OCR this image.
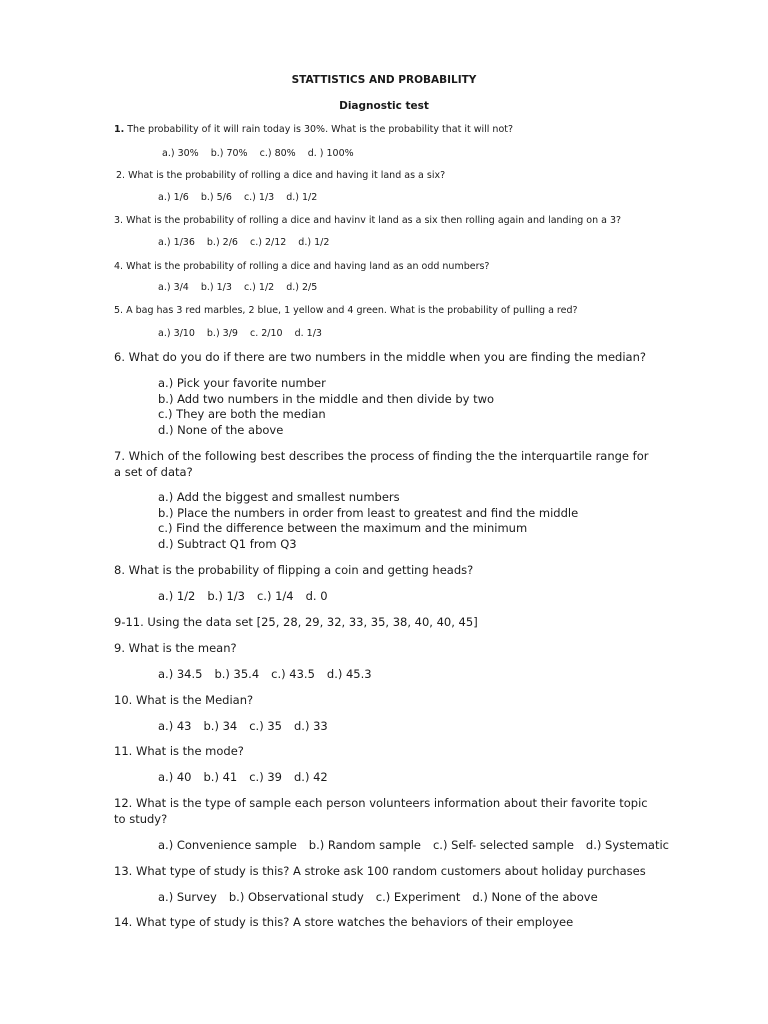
STATTISTICS AND PROBABILITY
Diagnostic test
1. The probability of it will rain today is 30%. What is the probability that it will not?
a.) 30% b.) 70% c.) 80% d. ) 100%
2. What is the probability of rolling a dice and having it land as a six?
a.) 1/6 b.) 5/6 c.) 1/3 d.) 1/2
3. What is the probability of rolling a dice and havinv it land as a six then rolling again and landing on a 3?
a.) 1/36 b.) 2/6 c.) 2/12 d.) 1/2
4. What is the probability of rolling a dice and having land as an odd numbers?
a.) 3/4 b.) 1/3 c.) 1/2 d.) 2/5
5. A bag has 3 red marbles, 2 blue, 1 yellow and 4 green. What is the probability of pulling a red?
a.) 3/10 b.) 3/9 c. 2/10 d. 1/3
6. What do you do if there are two numbers in the middle when you are finding the median?
a.) Pick your favorite number
b.) Add two numbers in the middle and then divide by two
c.) They are both the median
d.) None of the above
7. Which of the following best describes the process of finding the the interquartile range for a set of data?
a.) Add the biggest and smallest numbers
b.) Place the numbers in order from least to greatest and find the middle
c.) Find the difference between the maximum and the minimum
d.) Subtract Q1 from Q3
8. What is the probability of flipping a coin and getting heads?
a.) 1/2 b.) 1/3 c.) 1/4 d. 0
9-11. Using the data set [25, 28, 29, 32, 33, 35, 38, 40, 40, 45]
9. What is the mean?
a.) 34.5 b.) 35.4 c.) 43.5 d.) 45.3
10. What is the Median?
a.) 43 b.) 34 c.) 35 d.) 33
11. What is the mode?
a.) 40 b.) 41 c.) 39 d.) 42
12. What is the type of sample each person volunteers information about their favorite topic to study?
a.) Convenience sample b.) Random sample c.) Self- selected sample d.) Systematic
13. What type of study is this? A stroke ask 100 random customers about holiday purchases
a.) Survey b.) Observational study c.) Experiment d.) None of the above
14. What type of study is this? A store watches the behaviors of their employee
